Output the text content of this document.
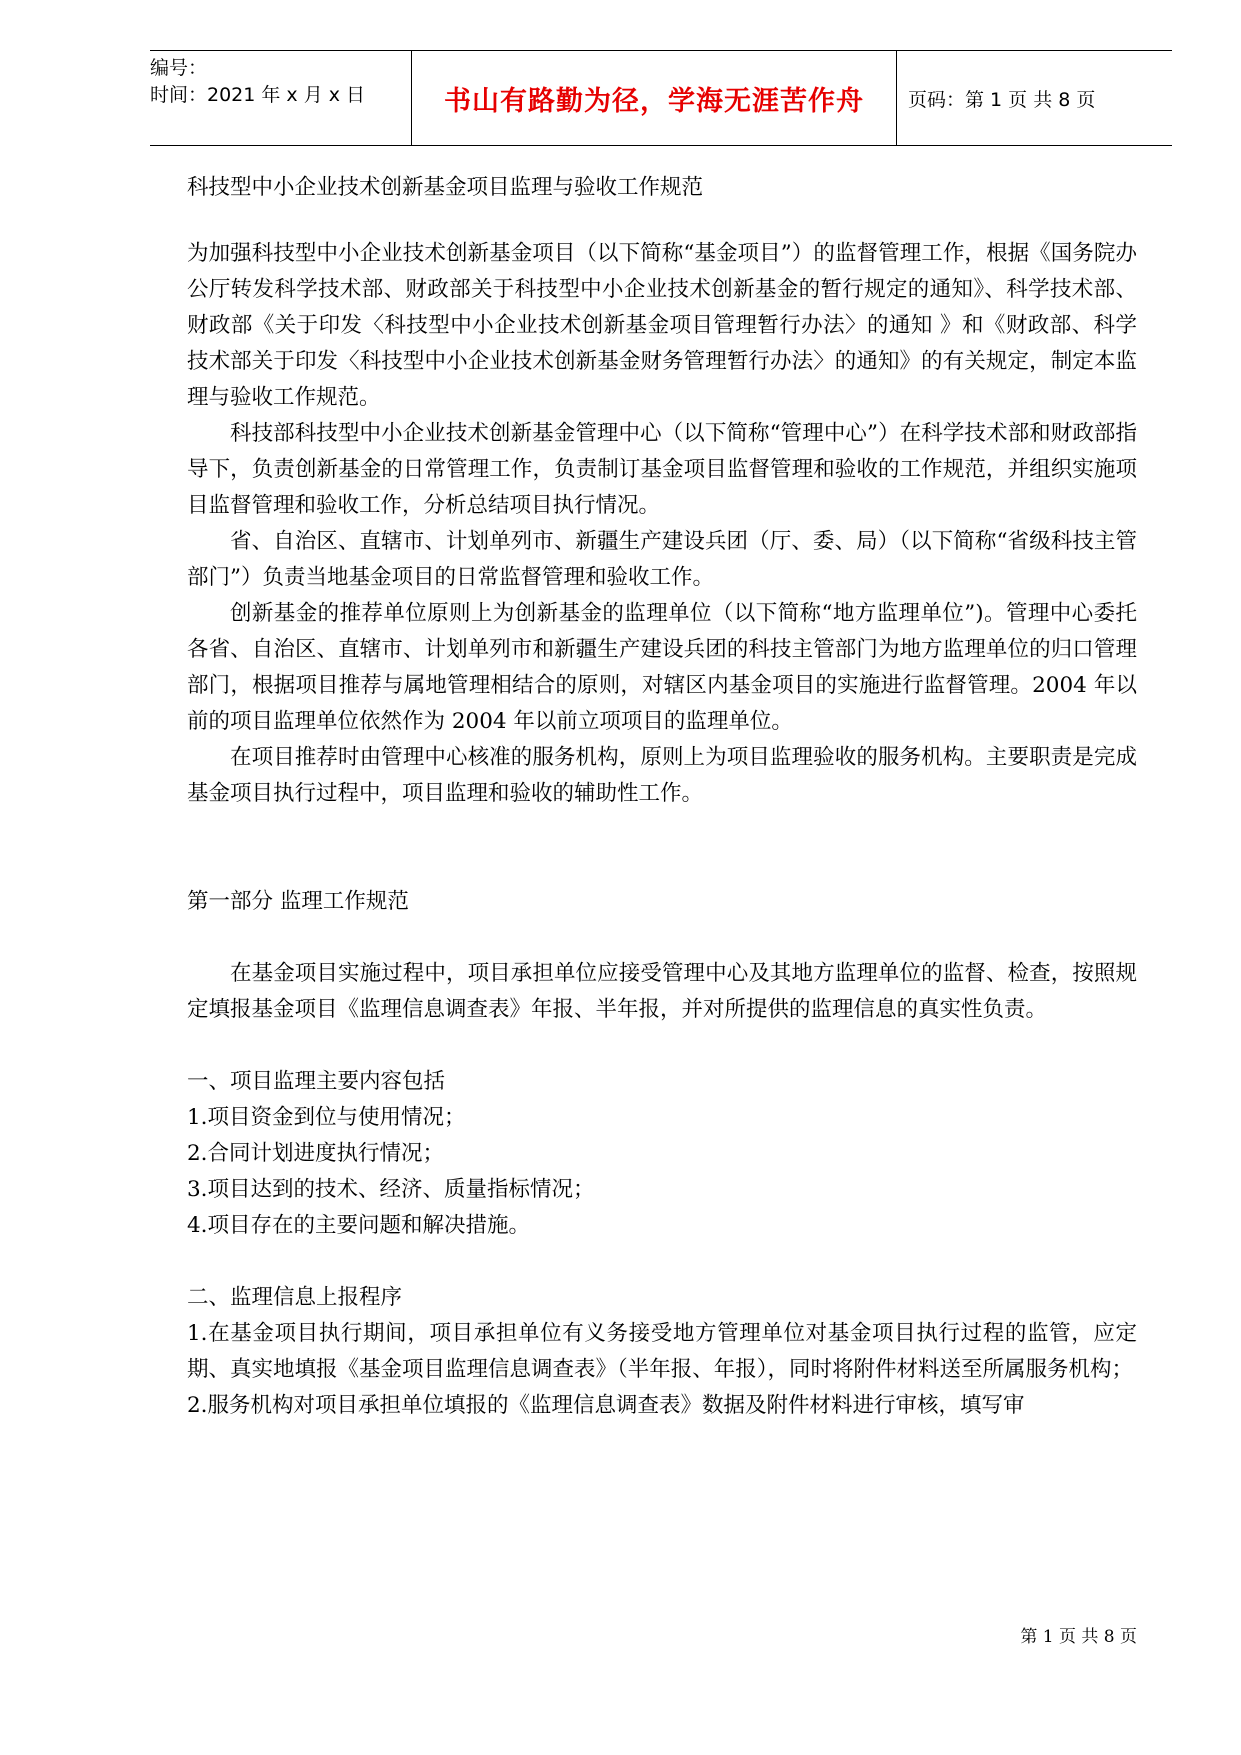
编号：
时间：2021 年 x 月 x 日	书山有路勤为径，学海无涯苦作舟 页码：第 1 页 共 8 页

科技型中小企业技术创新基金项目监理与验收工作规范

为加强科技型中小企业技术创新基金项目（以下简称“基金项目”）的监督管理工作，根据《国务院办公厅转发科学技术部、财政部关于科技型中小企业技术创新基金的暂行规定的通知》、科学技术部、财政部《关于印发〈科技型中小企业技术创新基金项目管理暂行办法〉的通知 》和《财政部、科学技术部关于印发〈科技型中小企业技术创新基金财务管理暂行办法〉的通知》的有关规定，制定本监理与验收工作规范。

科技部科技型中小企业技术创新基金管理中心（以下简称“管理中心”）在科学技术部和财政部指导下，负责创新基金的日常管理工作，负责制订基金项目监督管理和验收的工作规范，并组织实施项目监督管理和验收工作，分析总结项目执行情况。

省、自治区、直辖市、计划单列市、新疆生产建设兵团（厅、委、局）（以下简称“省级科技主管部门”）负责当地基金项目的日常监督管理和验收工作。

创新基金的推荐单位原则上为创新基金的监理单位（以下简称“地方监理单位”)。管理中心委托各省、自治区、直辖市、计划单列市和新疆生产建设兵团的科技主管部门为地方监理单位的归口管理部门，根据项目推荐与属地管理相结合的原则，对辖区内基金项目的实施进行监督管理。2004 年以前的项目监理单位依然作为 2004 年以前立项项目的监理单位。

在项目推荐时由管理中心核准的服务机构，原则上为项目监理验收的服务机构。主要职责是完成基金项目执行过程中，项目监理和验收的辅助性工作。

第一部分 监理工作规范

在基金项目实施过程中，项目承担单位应接受管理中心及其地方监理单位的监督、检查，按照规定填报基金项目《监理信息调查表》年报、半年报，并对所提供的监理信息的真实性负责。

一、项目监理主要内容包括

1.项目资金到位与使用情况；

2.合同计划进度执行情况；

3.项目达到的技术、经济、质量指标情况；

4.项目存在的主要问题和解决措施。

二、监理信息上报程序

1.在基金项目执行期间，项目承担单位有义务接受地方管理单位对基金项目执行过程的监管，应定期、真实地填报《基金项目监理信息调查表》（半年报、年报），同时将附件材料送至所属服务机构；

2.服务机构对项目承担单位填报的《监理信息调查表》数据及附件材料进行审核，填写审

第 1 页 共 8 页
